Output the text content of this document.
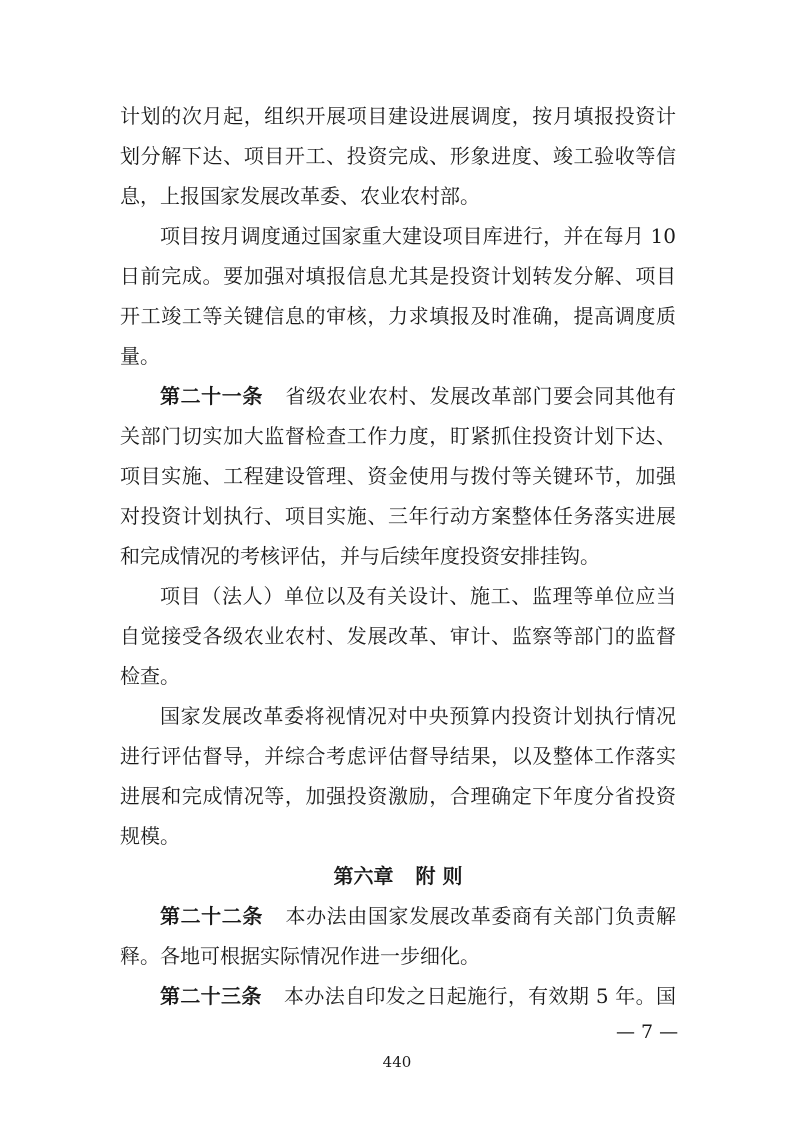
计划的次月起，组织开展项目建设进展调度，按月填报投资计
划分解下达、项目开工、投资完成、形象进度、竣工验收等信
息，上报国家发展改革委、农业农村部。
项目按月调度通过国家重大建设项目库进行，并在每月 10
日前完成。要加强对填报信息尤其是投资计划转发分解、项目
开工竣工等关键信息的审核，力求填报及时准确，提高调度质
量。
第二十一条 省级农业农村、发展改革部门要会同其他有
关部门切实加大监督检查工作力度，盯紧抓住投资计划下达、
项目实施、工程建设管理、资金使用与拨付等关键环节，加强
对投资计划执行、项目实施、三年行动方案整体任务落实进展
和完成情况的考核评估，并与后续年度投资安排挂钩。
项目（法人）单位以及有关设计、施工、监理等单位应当
自觉接受各级农业农村、发展改革、审计、监察等部门的监督
检查。
国家发展改革委将视情况对中央预算内投资计划执行情况
进行评估督导，并综合考虑评估督导结果，以及整体工作落实
进展和完成情况等，加强投资激励，合理确定下年度分省投资
规模。
第六章 附 则
第二十二条 本办法由国家发展改革委商有关部门负责解
释。各地可根据实际情况作进一步细化。
第二十三条 本办法自印发之日起施行，有效期 5 年。国
— 7 —
440
